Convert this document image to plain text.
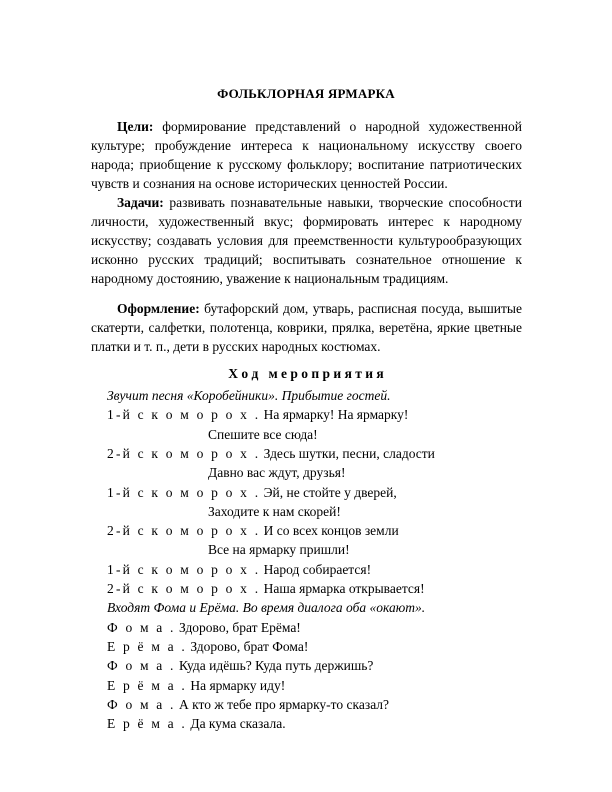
ФОЛЬКЛОРНАЯ ЯРМАРКА

Цели: формирование представлений о народной художественной культуре; пробуждение интереса к национальному искусству своего народа; приобщение к русскому фольклору; воспитание патриотических чувств и сознания на основе исторических ценностей России.

Задачи: развивать познавательные навыки, творческие способности личности, художественный вкус; формировать интерес к народному искусству; создавать условия для преемственности культурообразующих исконно русских традиций; воспитывать сознательное отношение к народному достоянию, уважение к национальным традициям.

Оформление: бутафорский дом, утварь, расписная посуда, вышитые скатерти, салфетки, полотенца, коврики, прялка, веретёна, яркие цветные платки и т. п., дети в русских народных костюмах.

Х о д   м е р о п р и я т и я
Звучит песня «Коробейники». Прибытие гостей.
1-й с к о м о р о х . На ярмарку! На ярмарку!
Спешите все сюда!
2-й с к о м о р о х . Здесь шутки, песни, сладости
Давно вас ждут, друзья!
1-й с к о м о р о х . Эй, не стойте у дверей,
Заходите к нам скорей!
2-й с к о м о р о х . И со всех концов земли
Все на ярмарку пришли!
1-й с к о м о р о х . Народ собирается!
2-й с к о м о р о х . Наша ярмарка открывается!
Входят Фома и Ерёма. Во время диалога оба «окают».
Ф о м а . Здорово, брат Ерёма!
Е р ё м а . Здорово, брат Фома!
Ф о м а . Куда идёшь? Куда путь держишь?
Е р ё м а . На ярмарку иду!
Ф о м а . А кто ж тебе про ярмарку-то сказал?
Е р ё м а . Да кума сказала.
